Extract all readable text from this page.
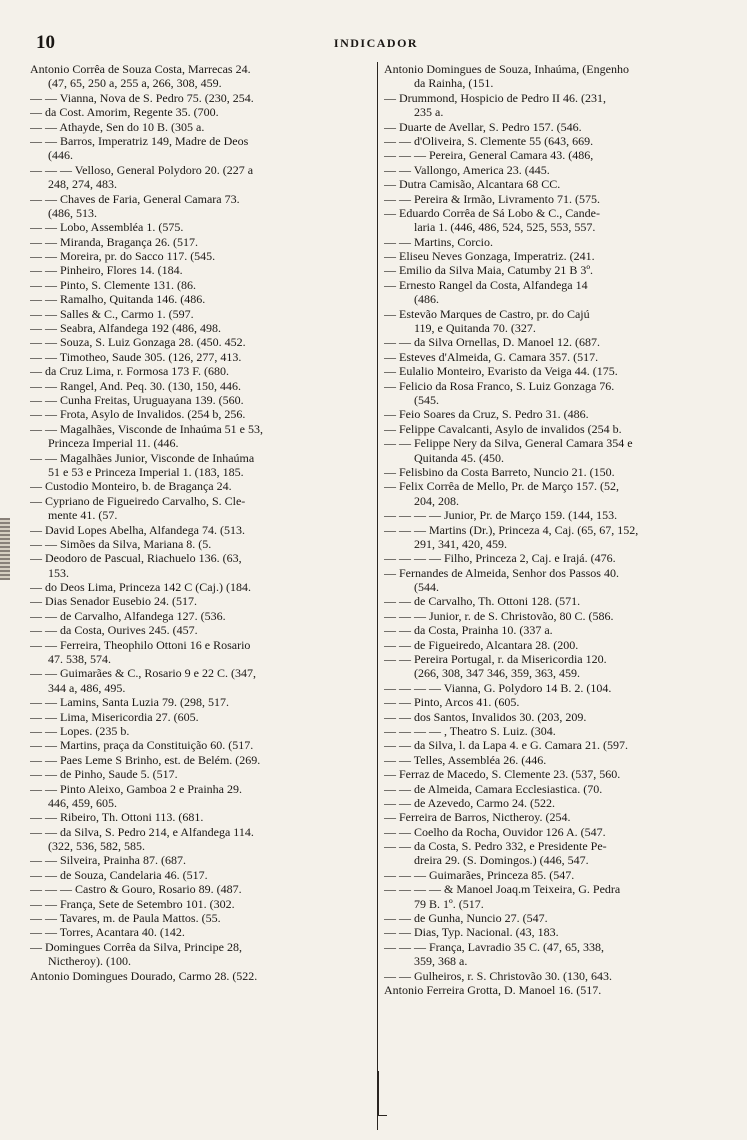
10	INDICADOR
Antonio Corrêa de Souza Costa, Marrecas 24.
(47, 65, 250 a, 255 a, 266, 308, 459.
— — Vianna, Nova de S. Pedro 75. (230, 254.
— da Cost. Amorim, Regente 35. (700.
— — Athayde, Sen do 10 B. (305 a.
— — Barros, Imperatriz 149, Madre de Deos
(446.
— — — Velloso, General Polydoro 20. (227 a
248, 274, 483.
— — Chaves de Faria, General Camara 73.
(486, 513.
— — Lobo, Assembléa 1. (575.
— — Miranda, Bragança 26. (517.
— — Moreira, pr. do Sacco 117. (545.
— — Pinheiro, Flores 14. (184.
— — Pinto, S. Clemente 131. (86.
— — Ramalho, Quitanda 146. (486.
— — Salles & C., Carmo 1. (597.
— — Seabra, Alfandega 192 (486, 498.
— — Souza, S. Luiz Gonzaga 28. (450. 452.
— — Timotheo, Saude 305. (126, 277, 413.
— da Cruz Lima, r. Formosa 173 F. (680.
— — Rangel, And. Peq. 30. (130, 150, 446.
— — Cunha Freitas, Uruguayana 139. (560.
— — Frota, Asylo de Invalidos. (254 b, 256.
— — Magalhães, Visconde de Inhaúma 51 e 53,
Princeza Imperial 11. (446.
— — Magalhães Junior, Visconde de Inhaúma
51 e 53 e Princeza Imperial 1. (183, 185.
— Custodio Monteiro, b. de Bragança 24.
— Cypriano de Figueiredo Carvalho, S. Cle-
mente 41. (57.
— David Lopes Abelha, Alfandega 74. (513.
— — Simões da Silva, Mariana 8. (5.
— Deodoro de Pascual, Riachuelo 136. (63,
153.
— do Deos Lima, Princeza 142 C (Caj.) (184.
— Dias Senador Eusebio 24. (517.
— — de Carvalho, Alfandega 127. (536.
— — da Costa, Ourives 245. (457.
— — Ferreira, Theophilo Ottoni 16 e Rosario
47. 538, 574.
— — Guimarães & C., Rosario 9 e 22 C. (347,
344 a, 486, 495.
— — Lamins, Santa Luzia 79. (298, 517.
— — Lima, Misericordia 27. (605.
— — Lopes. (235 b.
— — Martins, praça da Constituição 60. (517.
— — Paes Leme S Brinho, est. de Belém. (269.
— — de Pinho, Saude 5. (517.
— — Pinto Aleixo, Gamboa 2 e Prainha 29.
446, 459, 605.
— — Ribeiro, Th. Ottoni 113. (681.
— — da Silva, S. Pedro 214, e Alfandega 114.
(322, 536, 582, 585.
— — Silveira, Prainha 87. (687.
— — de Souza, Candelaria 46. (517.
— — — Castro & Gouro, Rosario 89. (487.
— — França, Sete de Setembro 101. (302.
— — Tavares, m. de Paula Mattos. (55.
— — Torres, Acantara 40. (142.
— Domingues Corrêa da Silva, Principe 28,
Nictheroy). (100.
Antonio Domingues Dourado, Carmo 28. (522.
Antonio Domingues de Souza, Inhaúma, (Engenho
da Rainha, (151.
— Drummond, Hospicio de Pedro II 46. (231,
235 a.
— Duarte de Avellar, S. Pedro 157. (546.
— — d'Oliveira, S. Clemente 55 (643, 669.
— — — Pereira, General Camara 43. (486,
— — Vallongo, America 23. (445.
— Dutra Camisão, Alcantara 68 CC.
— — Pereira & Irmão, Livramento 71. (575.
— Eduardo Corrêa de Sá Lobo & C., Cande-
laria 1. (446, 486, 524, 525, 553, 557.
— — Martins, Corcio.
— Eliseu Neves Gonzaga, Imperatriz. (241.
— Emilio da Silva Maia, Catumby 21 B 3º.
— Ernesto Rangel da Costa, Alfandega 14
(486.
— Estevão Marques de Castro, pr. do Cajú
119, e Quitanda 70. (327.
— — da Silva Ornellas, D. Manoel 12. (687.
— Esteves d'Almeida, G. Camara 357. (517.
— Eulalio Monteiro, Evaristo da Veiga 44. (175.
— Felicio da Rosa Franco, S. Luiz Gonzaga 76.
(545.
— Feio Soares da Cruz, S. Pedro 31. (486.
— Felippe Cavalcanti, Asylo de invalidos (254 b.
— — Felippe Nery da Silva, General Camara 354 e
Quitanda 45. (450.
— Felisbino da Costa Barreto, Nuncio 21. (150.
— Felix Corrêa de Mello, Pr. de Março 157. (52,
204, 208.
— — — — Junior, Pr. de Março 159. (144, 153.
— — — Martins (Dr.), Princeza 4, Caj. (65, 67, 152,
291, 341, 420, 459.
— — — — Filho, Princeza 2, Caj. e Irajá. (476.
— Fernandes de Almeida, Senhor dos Passos 40.
(544.
— — de Carvalho, Th. Ottoni 128. (571.
— — — Junior, r. de S. Christovão, 80 C. (586.
— — da Costa, Prainha 10. (337 a.
— — de Figueiredo, Alcantara 28. (200.
— — Pereira Portugal, r. da Misericordia 120.
(266, 308, 347 346, 359, 363, 459.
— — — — Vianna, G. Polydoro 14 B. 2. (104.
— — Pinto, Arcos 41. (605.
— — dos Santos, Invalidos 30. (203, 209.
— — — — , Theatro S. Luiz. (304.
— — da Silva, l. da Lapa 4. e G. Camara 21. (597.
— — Telles, Assembléa 26. (446.
— Ferraz de Macedo, S. Clemente 23. (537, 560.
— — de Almeida, Camara Ecclesiastica. (70.
— — de Azevedo, Carmo 24. (522.
— Ferreira de Barros, Nictheroy. (254.
— — Coelho da Rocha, Ouvidor 126 A. (547.
— — da Costa, S. Pedro 332, e Presidente Pe-
dreira 29. (S. Domingos.) (446, 547.
— — — Guimarães, Princeza 85. (547.
— — — — & Manoel Joaq.m Teixeira, G. Pedra
79 B. 1º. (517.
— — de Gunha, Nuncio 27. (547.
— — Dias, Typ. Nacional. (43, 183.
— — — França, Lavradio 35 C. (47, 65, 338,
359, 368 a.
— — Gulheiros, r. S. Christovão 30. (130, 643.
Antonio Ferreira Grotta, D. Manoel 16. (517.
